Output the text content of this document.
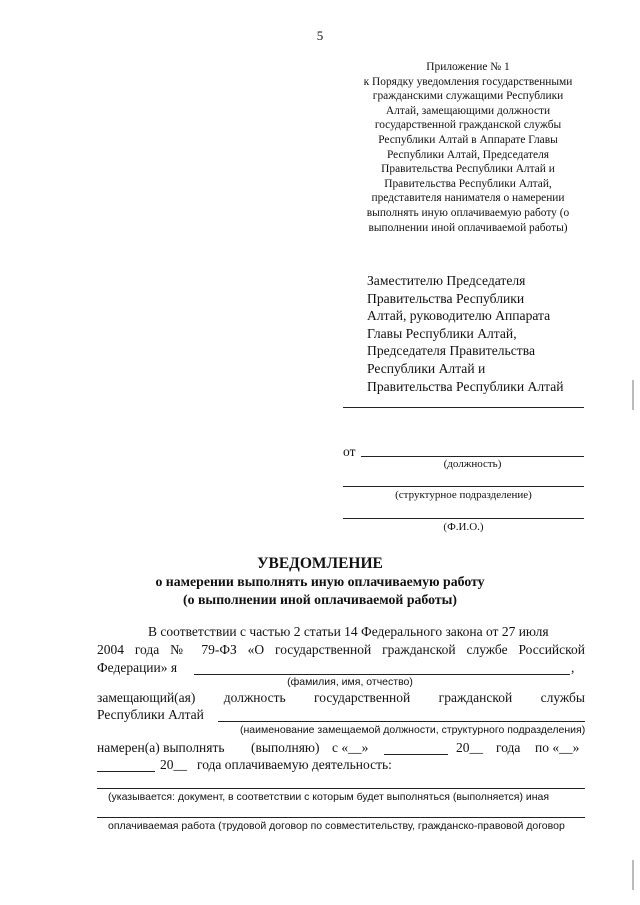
5
Приложение № 1
к Порядку уведомления государственными
гражданскими служащими Республики
Алтай, замещающими должности
государственной гражданской службы
Республики Алтай в Аппарате Главы
Республики Алтай, Председателя
Правительства Республики Алтай и
Правительства Республики Алтай,
представителя нанимателя о намерении
выполнять иную оплачиваемую работу (о
выполнении иной оплачиваемой работы)
Заместителю Председателя
Правительства Республики
Алтай, руководителю Аппарата
Главы Республики Алтай,
Председателя Правительства
Республики Алтай и
Правительства Республики Алтай
от
(должность)
(структурное подразделение)
(Ф.И.О.)
УВЕДОМЛЕНИЕ
о намерении выполнять иную оплачиваемую работу
(о выполнении иной оплачиваемой работы)
В соответствии с частью 2 статьи 14 Федерального закона от 27 июля
2004 года № 79-ФЗ «О государственной гражданской службе Российской
Федерации» я	,
(фамилия, имя, отчество)
замещающий(ая) должность государственной гражданской службы
Республики Алтай
(наименование замещаемой должности, структурного подразделения)
намерен(а) выполнять (выполняю) с «__»	20__ года по «__»
20__ года оплачиваемую деятельность:
(указывается: документ, в соответствии с которым будет выполняться (выполняется) иная
оплачиваемая работа (трудовой договор по совместительству, гражданско-правовой договор
